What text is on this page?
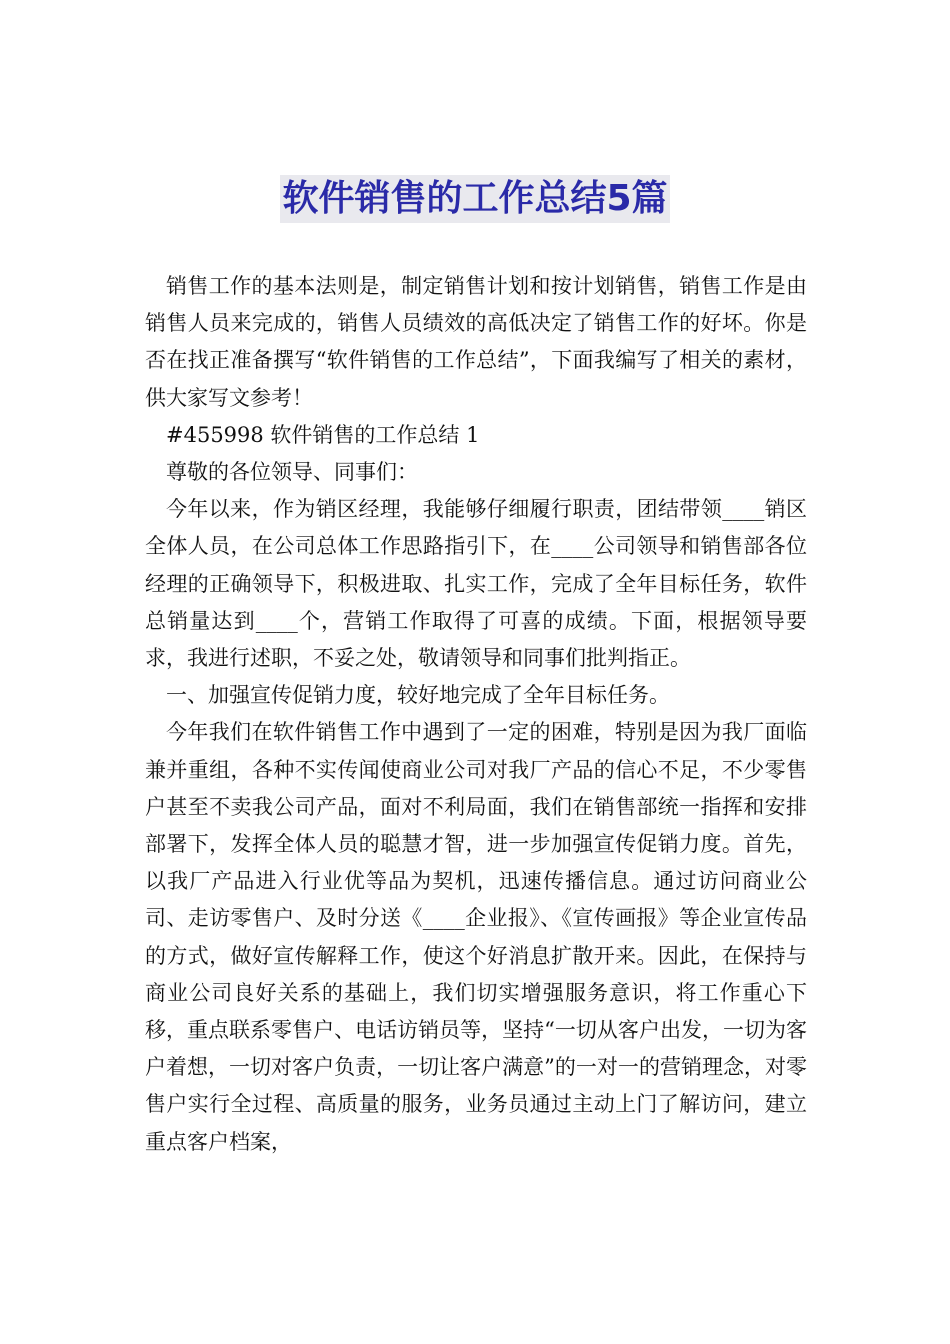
软件销售的工作总结5篇

销售工作的基本法则是，制定销售计划和按计划销售，销售工作是由销售人员来完成的，销售人员绩效的高低决定了销售工作的好坏。你是否在找正准备撰写“软件销售的工作总结”，下面我编写了相关的素材，供大家写文参考！

#455998 软件销售的工作总结 1

尊敬的各位领导、同事们：

今年以来，作为销区经理，我能够仔细履行职责，团结带领____销区全体人员，在公司总体工作思路指引下，在____公司领导和销售部各位经理的正确领导下，积极进取、扎实工作，完成了全年目标任务，软件总销量达到____个，营销工作取得了可喜的成绩。下面，根据领导要求，我进行述职，不妥之处，敬请领导和同事们批判指正。

一、加强宣传促销力度，较好地完成了全年目标任务。

今年我们在软件销售工作中遇到了一定的困难，特别是因为我厂面临兼并重组，各种不实传闻使商业公司对我厂产品的信心不足，不少零售户甚至不卖我公司产品，面对不利局面，我们在销售部统一指挥和安排部署下，发挥全体人员的聪慧才智，进一步加强宣传促销力度。首先，以我厂产品进入行业优等品为契机，迅速传播信息。通过访问商业公司、走访零售户、及时分送《____企业报》、《宣传画报》等企业宣传品的方式，做好宣传解释工作，使这个好消息扩散开来。因此，在保持与商业公司良好关系的基础上，我们切实增强服务意识，将工作重心下移，重点联系零售户、电话访销员等，坚持“一切从客户出发，一切为客户着想，一切对客户负责，一切让客户满意”的一对一的营销理念，对零售户实行全过程、高质量的服务，业务员通过主动上门了解访问，建立重点客户档案，
